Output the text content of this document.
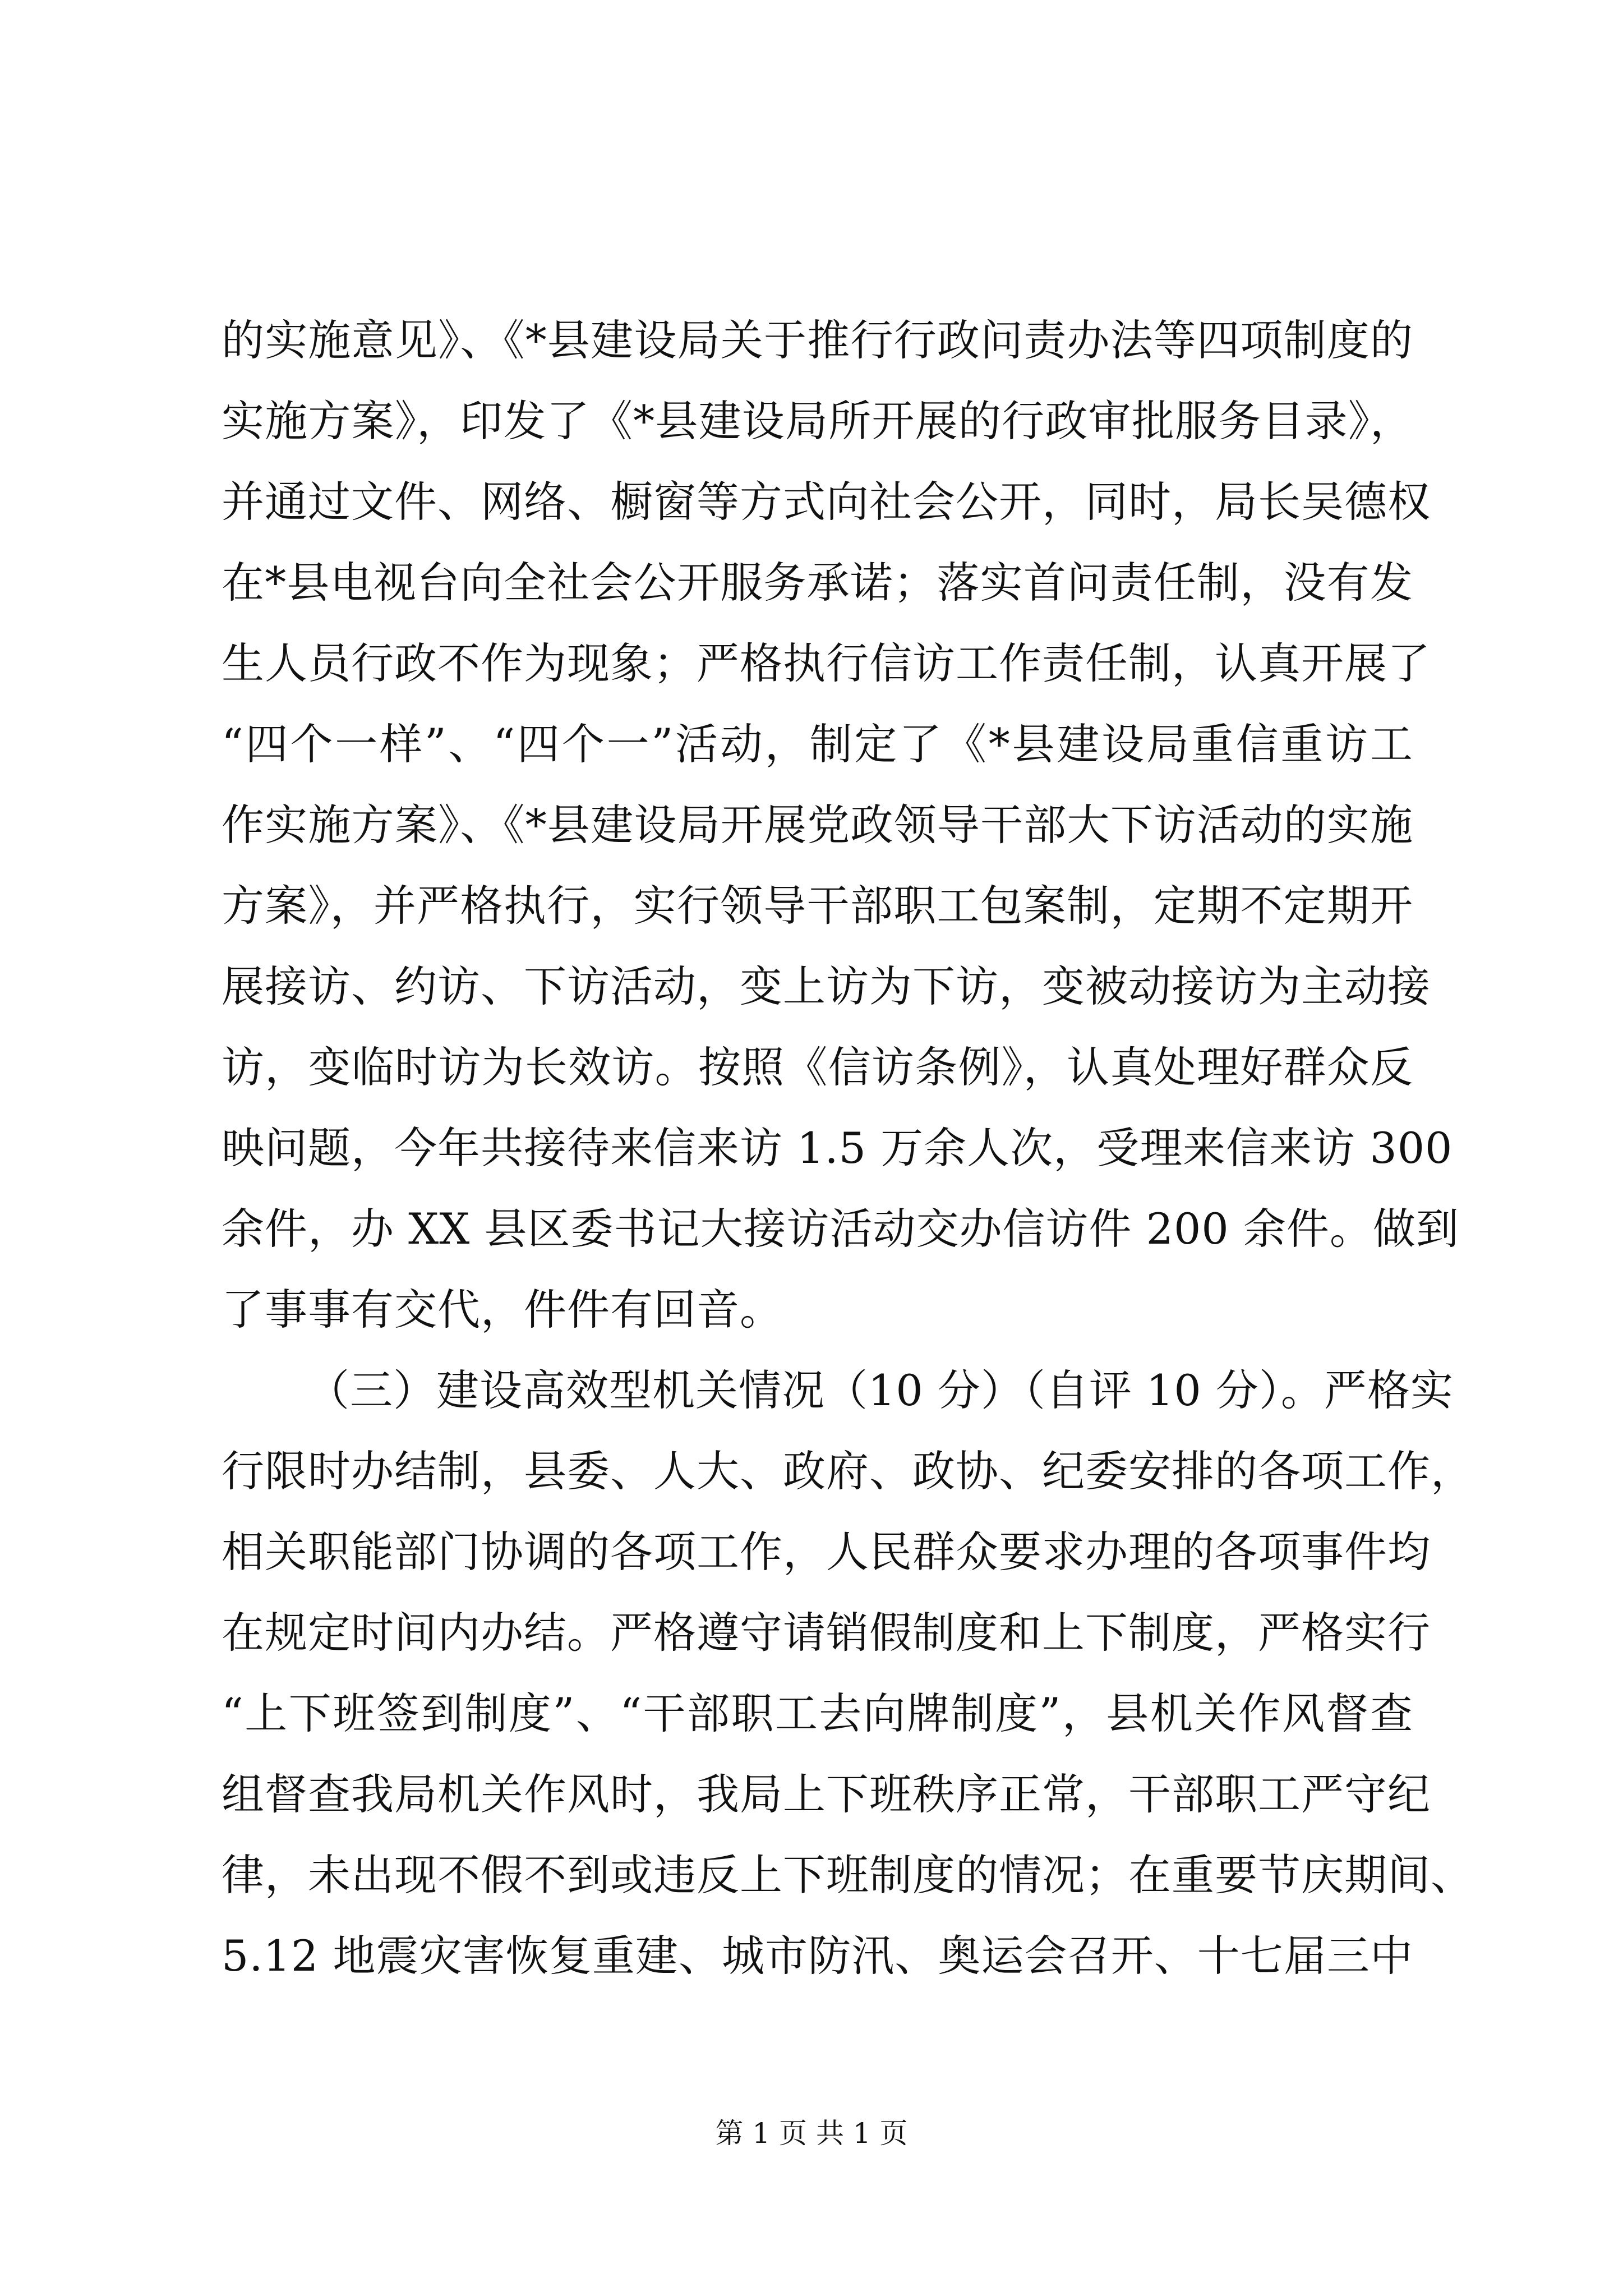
的实施意见》、《*县建设局关于推行行政问责办法等四项制度的
实施方案》，印发了《*县建设局所开展的行政审批服务目录》，
并通过文件、网络、橱窗等方式向社会公开，同时，局长吴德权
在*县电视台向全社会公开服务承诺；落实首问责任制，没有发
生人员行政不作为现象；严格执行信访工作责任制，认真开展了
“四个一样”、“四个一”活动，制定了《*县建设局重信重访工
作实施方案》、《*县建设局开展党政领导干部大下访活动的实施
方案》，并严格执行，实行领导干部职工包案制，定期不定期开
展接访、约访、下访活动，变上访为下访，变被动接访为主动接
访，变临时访为长效访。按照《信访条例》，认真处理好群众反
映问题，今年共接待来信来访 1.5 万余人次，受理来信来访 300
余件，办 XX 县区委书记大接访活动交办信访件 200 余件。做到
了事事有交代，件件有回音。
（三）建设高效型机关情况（10 分）（自评 10 分）。严格实
行限时办结制，县委、人大、政府、政协、纪委安排的各项工作，
相关职能部门协调的各项工作，人民群众要求办理的各项事件均
在规定时间内办结。严格遵守请销假制度和上下制度，严格实行
“上下班签到制度”、“干部职工去向牌制度”，县机关作风督查
组督查我局机关作风时，我局上下班秩序正常，干部职工严守纪
律，未出现不假不到或违反上下班制度的情况；在重要节庆期间、
5.12 地震灾害恢复重建、城市防汛、奥运会召开、十七届三中
第 1 页 共 1 页
